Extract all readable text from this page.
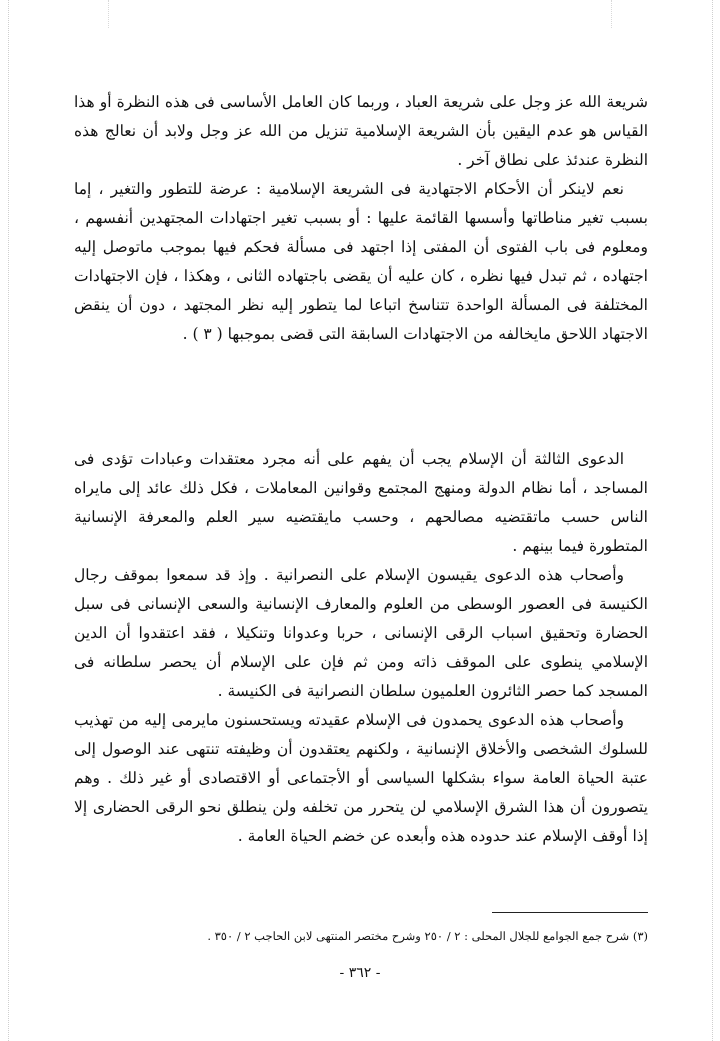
شريعة الله عز وجل على شريعة العباد ، وربما كان العامل الأساسى فى هذه النظرة أو هذا القياس هو عدم اليقين بأن الشريعة الإسلامية تنزيل من الله عز وجل ولابد أن نعالج هذه النظرة عندئذ على نطاق آخر .

نعم لاينكر أن الأحكام الاجتهادية فى الشريعة الإسلامية : عرضة للتطور والتغير ، إما بسبب تغير مناطاتها وأسسها القائمة عليها : أو بسبب تغير اجتهادات المجتهدين أنفسهم ، ومعلوم فى باب الفتوى أن المفتى إذا اجتهد فى مسألة فحكم فيها بموجب ماتوصل إليه اجتهاده ، ثم تبدل فيها نظره ، كان عليه أن يقضى باجتهاده الثانى ، وهكذا ، فإن الاجتهادات المختلفة فى المسألة الواحدة تتناسخ اتباعا لما يتطور إليه نظر المجتهد ، دون أن ينقض الاجتهاد اللاحق مايخالفه من الاجتهادات السابقة التى قضى بموجبها ( ٣ ) .

الدعوى الثالثة أن الإسلام يجب أن يفهم على أنه مجرد معتقدات وعبادات تؤدى فى المساجد ، أما نظام الدولة ومنهج المجتمع وقوانين المعاملات ، فكل ذلك عائد إلى مايراه الناس حسب ماتقتضيه مصالحهم ، وحسب مايقتضيه سير العلم والمعرفة الإنسانية المتطورة فيما بينهم .

وأصحاب هذه الدعوى يقيسون الإسلام على النصرانية . وإذ قد سمعوا بموقف رجال الكنيسة فى العصور الوسطى من العلوم والمعارف الإنسانية والسعى الإنسانى فى سبل الحضارة وتحقيق اسباب الرقى الإنسانى ، حربا وعدوانا وتنكيلا ، فقد اعتقدوا أن الدين الإسلامي ينطوى على الموقف ذاته ومن ثم فإن على الإسلام أن يحصر سلطانه فى المسجد كما حصر الثائرون العلميون سلطان النصرانية فى الكنيسة .

وأصحاب هذه الدعوى يحمدون فى الإسلام عقيدته ويستحسنون مايرمى إليه من تهذيب للسلوك الشخصى والأخلاق الإنسانية ، ولكنهم يعتقدون أن وظيفته تنتهى عند الوصول إلى عتبة الحياة العامة سواء بشكلها السياسى أو الأجتماعى أو الاقتصادى أو غير ذلك . وهم يتصورون أن هذا الشرق الإسلامي لن يتحرر من تخلفه ولن ينطلق نحو الرقى الحضارى إلا إذا أوقف الإسلام عند حدوده هذه وأبعده عن خضم الحياة العامة .

(٣) شرح جمع الجوامع للجلال المحلى : ٢ / ٢٥٠ وشرح مختصر المنتهى لابن الحاجب ٢ / ٣٥٠ .
- ٣٦٢ -
